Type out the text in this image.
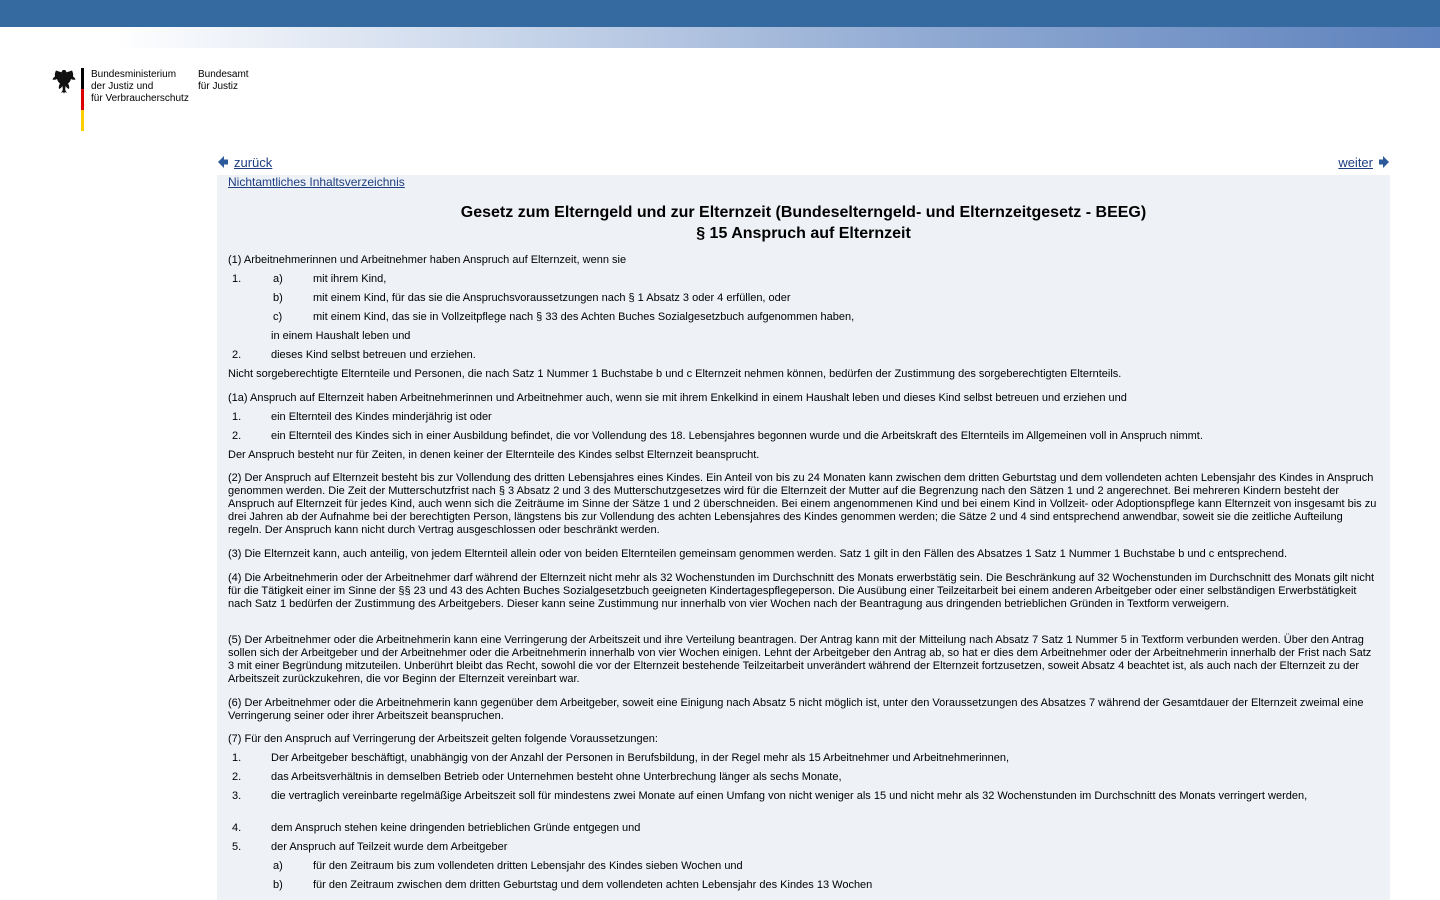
Bundesministerium
der Justiz und
für Verbraucherschutz
Bundesamt
für Justiz
zurück	weiter
Nichtamtliches Inhaltsverzeichnis
Gesetz zum Elterngeld und zur Elternzeit (Bundeselterngeld- und Elternzeitgesetz - BEEG)
§ 15 Anspruch auf Elternzeit
(1) Arbeitnehmerinnen und Arbeitnehmer haben Anspruch auf Elternzeit, wenn sie
1.	a)	mit ihrem Kind,
b)	mit einem Kind, für das sie die Anspruchsvoraussetzungen nach § 1 Absatz 3 oder 4 erfüllen, oder
c)	mit einem Kind, das sie in Vollzeitpflege nach § 33 des Achten Buches Sozialgesetzbuch aufgenommen haben,
in einem Haushalt leben und
2.	dieses Kind selbst betreuen und erziehen.
Nicht sorgeberechtigte Elternteile und Personen, die nach Satz 1 Nummer 1 Buchstabe b und c Elternzeit nehmen können, bedürfen der Zustimmung des sorgeberechtigten Elternteils.
(1a) Anspruch auf Elternzeit haben Arbeitnehmerinnen und Arbeitnehmer auch, wenn sie mit ihrem Enkelkind in einem Haushalt leben und dieses Kind selbst betreuen und erziehen und
1.	ein Elternteil des Kindes minderjährig ist oder
2.	ein Elternteil des Kindes sich in einer Ausbildung befindet, die vor Vollendung des 18. Lebensjahres begonnen wurde und die Arbeitskraft des Elternteils im Allgemeinen voll in Anspruch nimmt.
Der Anspruch besteht nur für Zeiten, in denen keiner der Elternteile des Kindes selbst Elternzeit beansprucht.
(2) Der Anspruch auf Elternzeit besteht bis zur Vollendung des dritten Lebensjahres eines Kindes. Ein Anteil von bis zu 24 Monaten kann zwischen dem dritten Geburtstag und dem vollendeten achten Lebensjahr des Kindes in Anspruch genommen werden. Die Zeit der Mutterschutzfrist nach § 3 Absatz 2 und 3 des Mutterschutzgesetzes wird für die Elternzeit der Mutter auf die Begrenzung nach den Sätzen 1 und 2 angerechnet. Bei mehreren Kindern besteht der Anspruch auf Elternzeit für jedes Kind, auch wenn sich die Zeiträume im Sinne der Sätze 1 und 2 überschneiden. Bei einem angenommenen Kind und bei einem Kind in Vollzeit- oder Adoptionspflege kann Elternzeit von insgesamt bis zu drei Jahren ab der Aufnahme bei der berechtigten Person, längstens bis zur Vollendung des achten Lebensjahres des Kindes genommen werden; die Sätze 2 und 4 sind entsprechend anwendbar, soweit sie die zeitliche Aufteilung regeln. Der Anspruch kann nicht durch Vertrag ausgeschlossen oder beschränkt werden.
(3) Die Elternzeit kann, auch anteilig, von jedem Elternteil allein oder von beiden Elternteilen gemeinsam genommen werden. Satz 1 gilt in den Fällen des Absatzes 1 Satz 1 Nummer 1 Buchstabe b und c entsprechend.
(4) Die Arbeitnehmerin oder der Arbeitnehmer darf während der Elternzeit nicht mehr als 32 Wochenstunden im Durchschnitt des Monats erwerbstätig sein. Die Beschränkung auf 32 Wochenstunden im Durchschnitt des Monats gilt nicht für die Tätigkeit einer im Sinne der §§ 23 und 43 des Achten Buches Sozialgesetzbuch geeigneten Kindertagespflegeperson. Die Ausübung einer Teilzeitarbeit bei einem anderen Arbeitgeber oder einer selbständigen Erwerbstätigkeit nach Satz 1 bedürfen der Zustimmung des Arbeitgebers. Dieser kann seine Zustimmung nur innerhalb von vier Wochen nach der Beantragung aus dringenden betrieblichen Gründen in Textform verweigern.
(5) Der Arbeitnehmer oder die Arbeitnehmerin kann eine Verringerung der Arbeitszeit und ihre Verteilung beantragen. Der Antrag kann mit der Mitteilung nach Absatz 7 Satz 1 Nummer 5 in Textform verbunden werden. Über den Antrag sollen sich der Arbeitgeber und der Arbeitnehmer oder die Arbeitnehmerin innerhalb von vier Wochen einigen. Lehnt der Arbeitgeber den Antrag ab, so hat er dies dem Arbeitnehmer oder der Arbeitnehmerin innerhalb der Frist nach Satz 3 mit einer Begründung mitzuteilen. Unberührt bleibt das Recht, sowohl die vor der Elternzeit bestehende Teilzeitarbeit unverändert während der Elternzeit fortzusetzen, soweit Absatz 4 beachtet ist, als auch nach der Elternzeit zu der Arbeitszeit zurückzukehren, die vor Beginn der Elternzeit vereinbart war.
(6) Der Arbeitnehmer oder die Arbeitnehmerin kann gegenüber dem Arbeitgeber, soweit eine Einigung nach Absatz 5 nicht möglich ist, unter den Voraussetzungen des Absatzes 7 während der Gesamtdauer der Elternzeit zweimal eine Verringerung seiner oder ihrer Arbeitszeit beanspruchen.
(7) Für den Anspruch auf Verringerung der Arbeitszeit gelten folgende Voraussetzungen:
1.	Der Arbeitgeber beschäftigt, unabhängig von der Anzahl der Personen in Berufsbildung, in der Regel mehr als 15 Arbeitnehmer und Arbeitnehmerinnen,
2.	das Arbeitsverhältnis in demselben Betrieb oder Unternehmen besteht ohne Unterbrechung länger als sechs Monate,
3.	die vertraglich vereinbarte regelmäßige Arbeitszeit soll für mindestens zwei Monate auf einen Umfang von nicht weniger als 15 und nicht mehr als 32 Wochenstunden im Durchschnitt des Monats verringert werden,
4.	dem Anspruch stehen keine dringenden betrieblichen Gründe entgegen und
5.	der Anspruch auf Teilzeit wurde dem Arbeitgeber
a)	für den Zeitraum bis zum vollendeten dritten Lebensjahr des Kindes sieben Wochen und
b)	für den Zeitraum zwischen dem dritten Geburtstag und dem vollendeten achten Lebensjahr des Kindes 13 Wochen
